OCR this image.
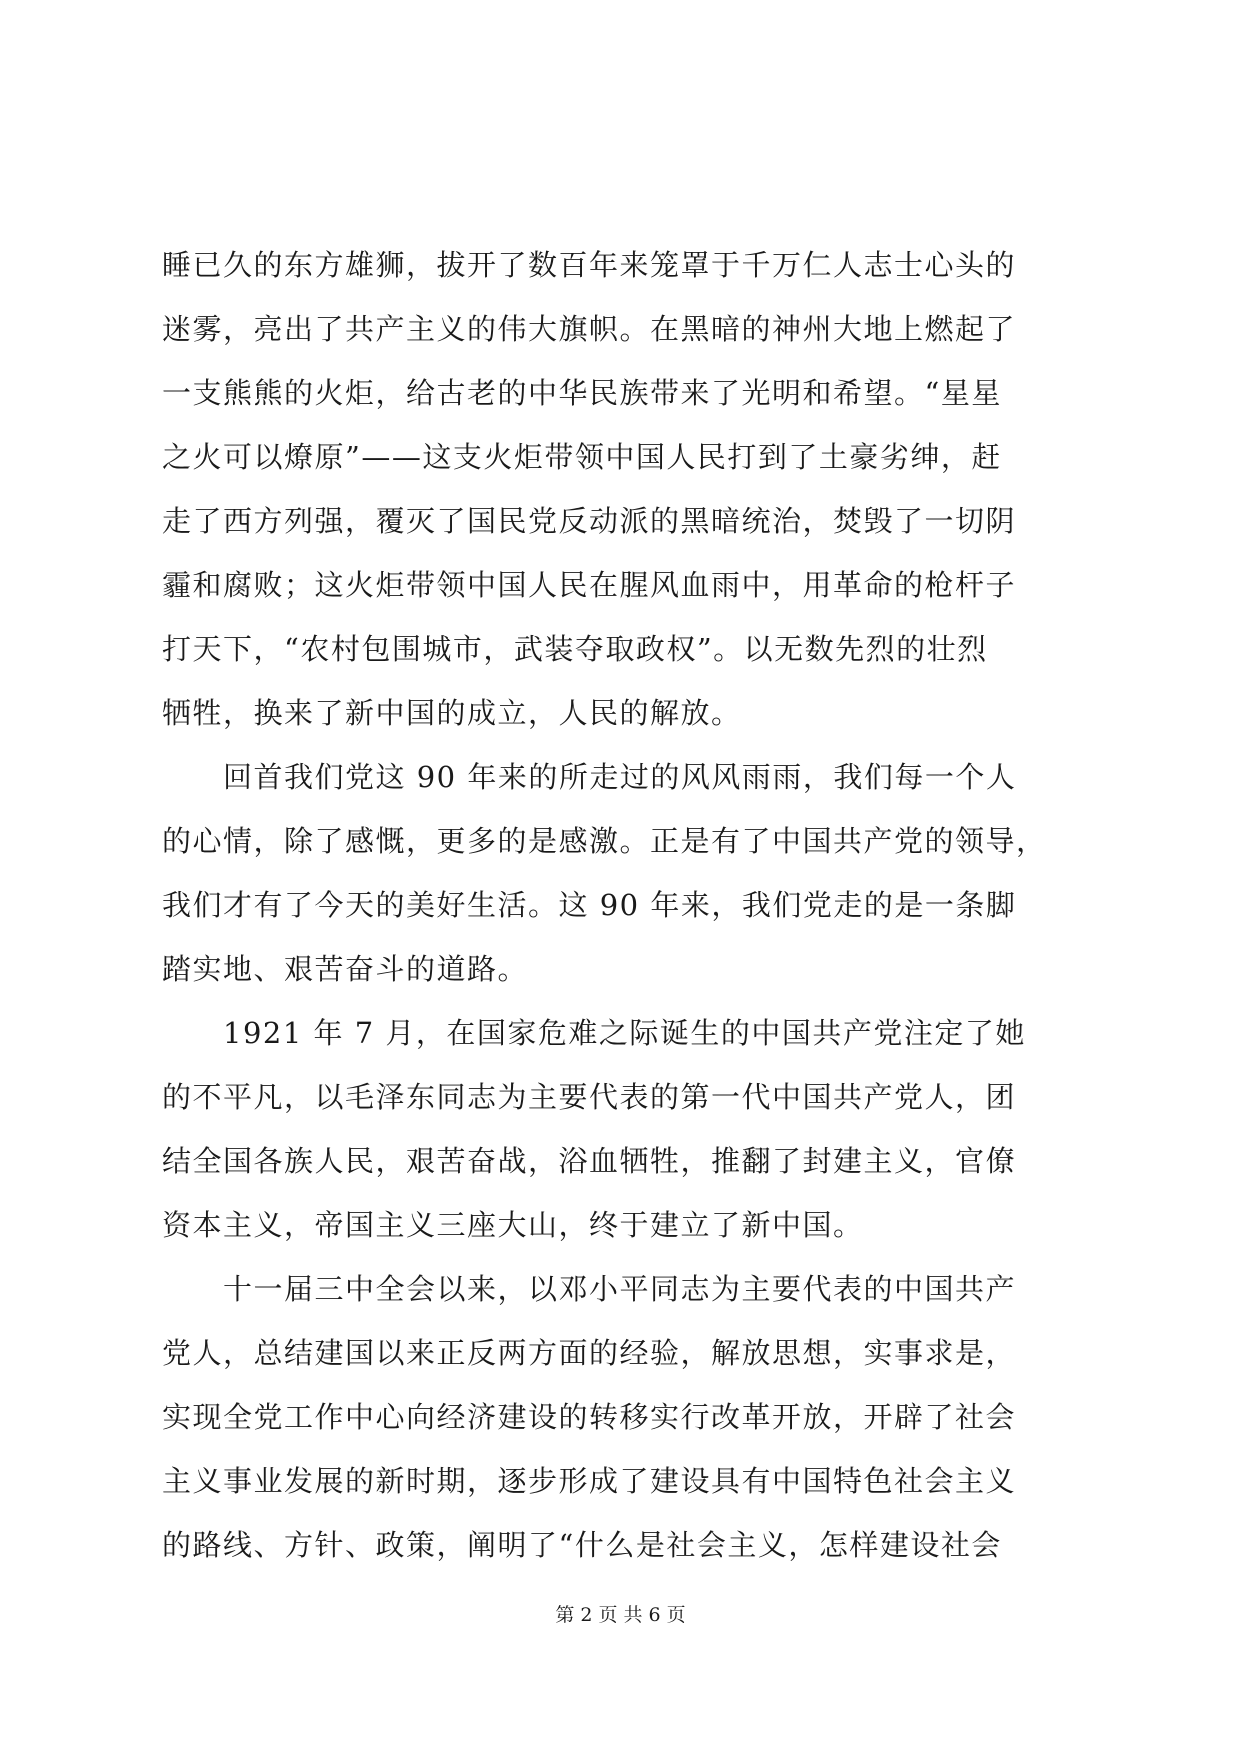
睡已久的东方雄狮，拔开了数百年来笼罩于千万仁人志士心头的
迷雾，亮出了共产主义的伟大旗帜。在黑暗的神州大地上燃起了
一支熊熊的火炬，给古老的中华民族带来了光明和希望。“星星
之火可以燎原”——这支火炬带领中国人民打到了土豪劣绅，赶
走了西方列强，覆灭了国民党反动派的黑暗统治，焚毁了一切阴
霾和腐败；这火炬带领中国人民在腥风血雨中，用革命的枪杆子
打天下，“农村包围城市，武装夺取政权”。以无数先烈的壮烈
牺牲，换来了新中国的成立，人民的解放。
　　回首我们党这 90 年来的所走过的风风雨雨，我们每一个人
的心情，除了感慨，更多的是感激。正是有了中国共产党的领导，
我们才有了今天的美好生活。这 90 年来，我们党走的是一条脚
踏实地、艰苦奋斗的道路。
　　1921 年 7 月，在国家危难之际诞生的中国共产党注定了她
的不平凡，以毛泽东同志为主要代表的第一代中国共产党人，团
结全国各族人民，艰苦奋战，浴血牺牲，推翻了封建主义，官僚
资本主义，帝国主义三座大山，终于建立了新中国。
　　十一届三中全会以来，以邓小平同志为主要代表的中国共产
党人，总结建国以来正反两方面的经验，解放思想，实事求是，
实现全党工作中心向经济建设的转移实行改革开放，开辟了社会
主义事业发展的新时期，逐步形成了建设具有中国特色社会主义
的路线、方针、政策，阐明了“什么是社会主义，怎样建设社会
第 2 页 共 6 页
